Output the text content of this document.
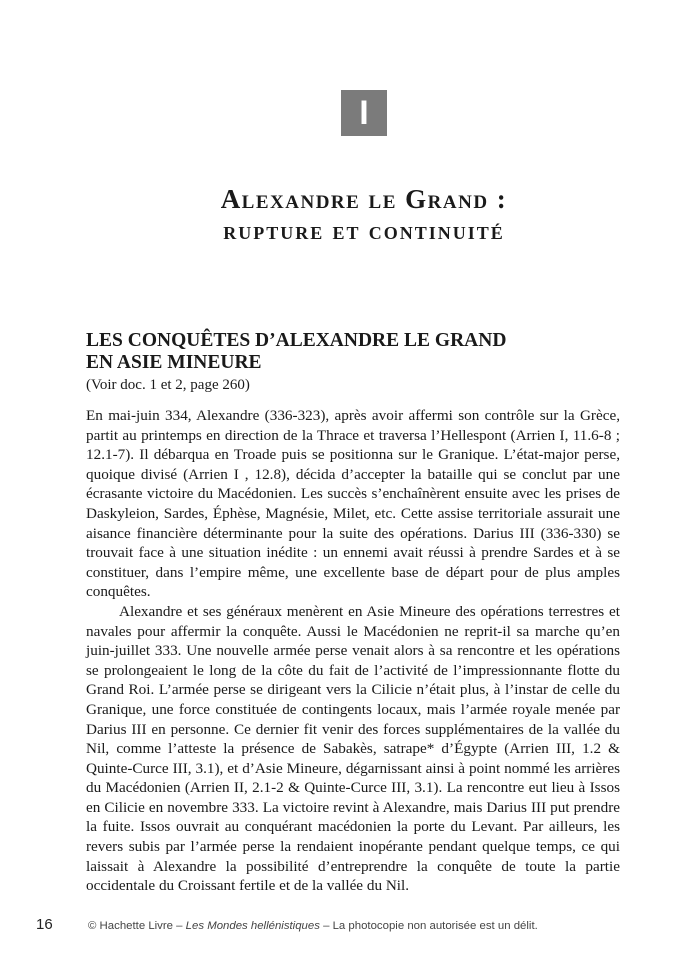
I
Alexandre le Grand :
rupture et continuité
LES CONQUÊTES D’ALEXANDRE LE GRAND
EN ASIE MINEURE
(Voir doc. 1 et 2, page 260)

En mai-juin 334, Alexandre (336-323), après avoir affermi son contrôle sur la Grèce, partit au printemps en direction de la Thrace et traversa l’Hellespont (Arrien I, 11.6-8 ; 12.1-7). Il débarqua en Troade puis se positionna sur le Granique. L’état-major perse, quoique divisé (Arrien I , 12.8), décida d’accepter la bataille qui se conclut par une écrasante victoire du Macédonien. Les succès s’enchaînèrent ensuite avec les prises de Daskyleion, Sardes, Éphèse, Magnésie, Milet, etc. Cette assise territoriale assurait une aisance financière déterminante pour la suite des opérations. Darius III (336-330) se trouvait face à une situation inédite : un ennemi avait réussi à prendre Sardes et à se constituer, dans l’empire même, une excellente base de départ pour de plus amples conquêtes.

Alexandre et ses généraux menèrent en Asie Mineure des opérations terrestres et navales pour affermir la conquête. Aussi le Macédonien ne reprit-il sa marche qu’en juin-juillet 333. Une nouvelle armée perse venait alors à sa rencontre et les opérations se prolongeaient le long de la côte du fait de l’activité de l’impressionnante flotte du Grand Roi. L’armée perse se dirigeant vers la Cilicie n’était plus, à l’instar de celle du Granique, une force constituée de contingents locaux, mais l’armée royale menée par Darius III en personne. Ce dernier fit venir des forces supplémentaires de la vallée du Nil, comme l’atteste la présence de Sabakès, satrape* d’Égypte (Arrien III, 1.2 & Quinte-Curce III, 3.1), et d’Asie Mineure, dégarnissant ainsi à point nommé les arrières du Macédonien (Arrien II, 2.1-2 & Quinte-Curce III, 3.1). La rencontre eut lieu à Issos en Cilicie en novembre 333. La victoire revint à Alexandre, mais Darius III put prendre la fuite. Issos ouvrait au conquérant macédonien la porte du Levant. Par ailleurs, les revers subis par l’armée perse la rendaient inopérante pendant quelque temps, ce qui laissait à Alexandre la possibilité d’entreprendre la conquête de toute la partie occidentale du Croissant fertile et de la vallée du Nil.

16	© Hachette Livre – Les Mondes hellénistiques – La photocopie non autorisée est un délit.
